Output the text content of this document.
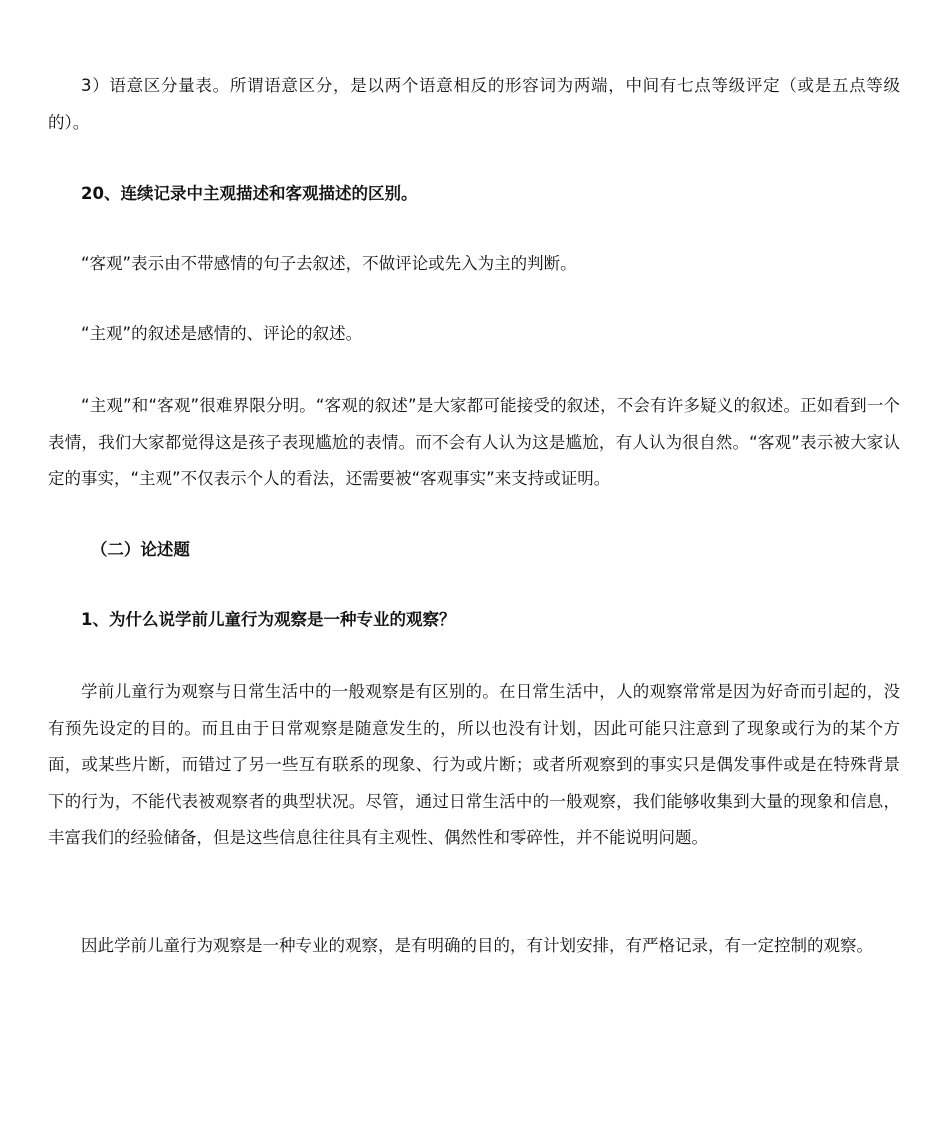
3）语意区分量表。所谓语意区分，是以两个语意相反的形容词为两端，中间有七点等级评定（或是五点等级的）。

20、连续记录中主观描述和客观描述的区别。

“客观”表示由不带感情的句子去叙述，不做评论或先入为主的判断。

“主观”的叙述是感情的、评论的叙述。

“主观”和“客观”很难界限分明。“客观的叙述”是大家都可能接受的叙述，不会有许多疑义的叙述。正如看到一个表情，我们大家都觉得这是孩子表现尴尬的表情。而不会有人认为这是尴尬，有人认为很自然。“客观”表示被大家认定的事实，“主观”不仅表示个人的看法，还需要被“客观事实”来支持或证明。

（二）论述题

1、为什么说学前儿童行为观察是一种专业的观察？

学前儿童行为观察与日常生活中的一般观察是有区别的。在日常生活中，人的观察常常是因为好奇而引起的，没有预先设定的目的。而且由于日常观察是随意发生的，所以也没有计划，因此可能只注意到了现象或行为的某个方面，或某些片断，而错过了另一些互有联系的现象、行为或片断；或者所观察到的事实只是偶发事件或是在特殊背景下的行为，不能代表被观察者的典型状况。尽管，通过日常生活中的一般观察，我们能够收集到大量的现象和信息，丰富我们的经验储备，但是这些信息往往具有主观性、偶然性和零碎性，并不能说明问题。

因此学前儿童行为观察是一种专业的观察，是有明确的目的，有计划安排，有严格记录，有一定控制的观察。
